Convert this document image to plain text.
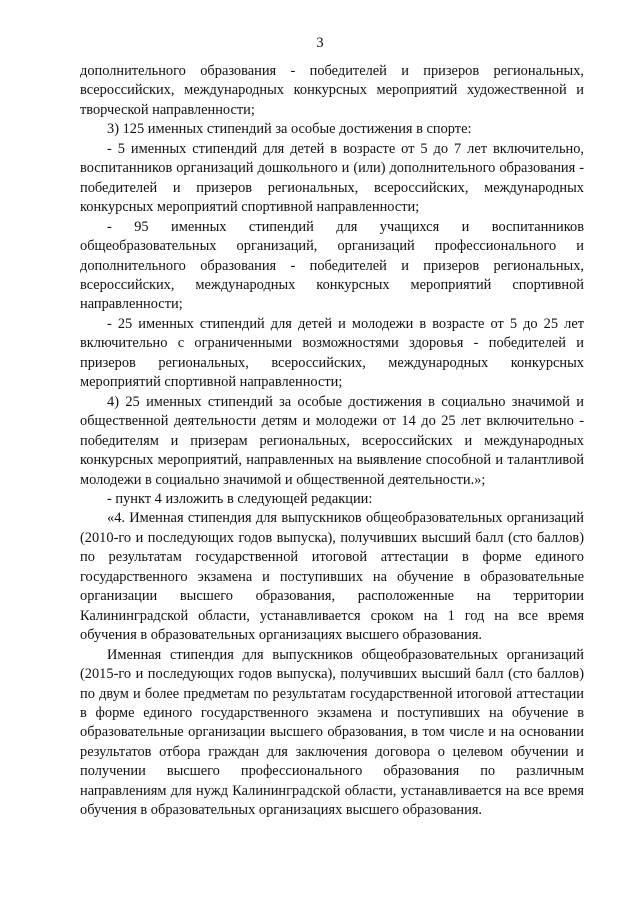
3

дополнительного образования - победителей и призеров региональных, всероссийских, международных конкурсных мероприятий художественной и творческой направленности;

3) 125 именных стипендий за особые достижения в спорте:

- 5 именных стипендий для детей в возрасте от 5 до 7 лет включительно, воспитанников организаций дошкольного и (или) дополнительного образования - победителей и призеров региональных, всероссийских, международных конкурсных мероприятий спортивной направленности;

- 95 именных стипендий для учащихся и воспитанников общеобразовательных организаций, организаций профессионального и дополнительного образования - победителей и призеров региональных, всероссийских, международных конкурсных мероприятий спортивной направленности;

- 25 именных стипендий для детей и молодежи в возрасте от 5 до 25 лет включительно с ограниченными возможностями здоровья - победителей и призеров региональных, всероссийских, международных конкурсных мероприятий спортивной направленности;

4) 25 именных стипендий за особые достижения в социально значимой и общественной деятельности детям и молодежи от 14 до 25 лет включительно - победителям и призерам региональных, всероссийских и международных конкурсных мероприятий, направленных на выявление способной и талантливой молодежи в социально значимой и общественной деятельности.»;

- пункт 4 изложить в следующей редакции:

«4. Именная стипендия для выпускников общеобразовательных организаций (2010-го и последующих годов выпуска), получивших высший балл (сто баллов) по результатам государственной итоговой аттестации в форме единого государственного экзамена и поступивших на обучение в образовательные организации высшего образования, расположенные на территории Калининградской области, устанавливается сроком на 1 год на все время обучения в образовательных организациях высшего образования.

Именная стипендия для выпускников общеобразовательных организаций (2015-го и последующих годов выпуска), получивших высший балл (сто баллов) по двум и более предметам по результатам государственной итоговой аттестации в форме единого государственного экзамена и поступивших на обучение в образовательные организации высшего образования, в том числе и на основании результатов отбора граждан для заключения договора о целевом обучении и получении высшего профессионального образования по различным направлениям для нужд Калининградской области, устанавливается на все время обучения в образовательных организациях высшего образования.
